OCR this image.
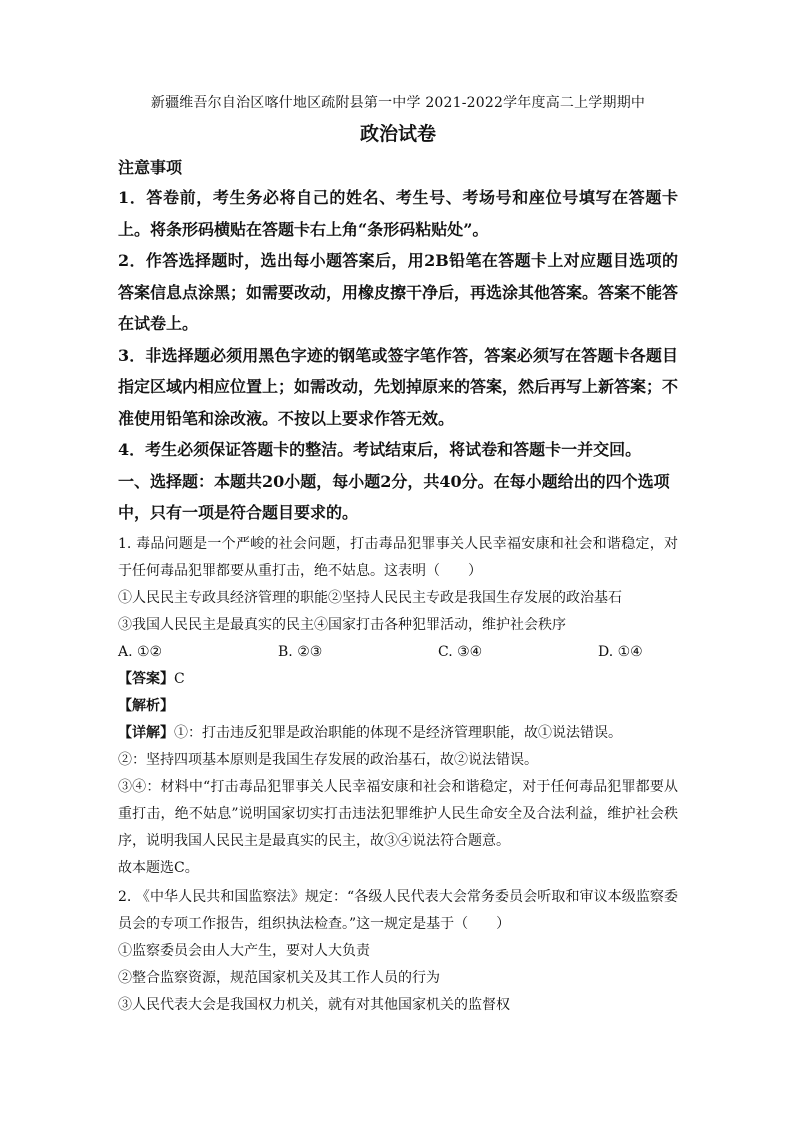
新疆维吾尔自治区喀什地区疏附县第一中学 2021-2022学年度高二上学期期中
政治试卷

注意事项

1．答卷前，考生务必将自己的姓名、考生号、考场号和座位号填写在答题卡上。将条形码横贴在答题卡右上角“条形码粘贴处”。

2．作答选择题时，选出每小题答案后，用2B铅笔在答题卡上对应题目选项的答案信息点涂黑；如需要改动，用橡皮擦干净后，再选涂其他答案。答案不能答在试卷上。

3．非选择题必须用黑色字迹的钢笔或签字笔作答，答案必须写在答题卡各题目指定区域内相应位置上；如需改动，先划掉原来的答案，然后再写上新答案；不准使用铅笔和涂改液。不按以上要求作答无效。

4．考生必须保证答题卡的整洁。考试结束后，将试卷和答题卡一并交回。

一、选择题：本题共20小题，每小题2分，共40分。在每小题给出的四个选项中，只有一项是符合题目要求的。

1. 毒品问题是一个严峻的社会问题，打击毒品犯罪事关人民幸福安康和社会和谐稳定，对于任何毒品犯罪都要从重打击，绝不姑息。这表明（　　）

①人民民主专政具经济管理的职能②坚持人民民主专政是我国生存发展的政治基石

③我国人民民主是最真实的民主④国家打击各种犯罪活动，维护社会秩序

A. ①②	B. ②③	C. ③④	D. ①④

【答案】C

【解析】

【详解】①：打击违反犯罪是政治职能的体现不是经济管理职能，故①说法错误。

②：坚持四项基本原则是我国生存发展的政治基石，故②说法错误。

③④：材料中“打击毒品犯罪事关人民幸福安康和社会和谐稳定，对于任何毒品犯罪都要从重打击，绝不姑息”说明国家切实打击违法犯罪维护人民生命安全及合法利益，维护社会秩序，说明我国人民民主是最真实的民主，故③④说法符合题意。

故本题选C。

2. 《中华人民共和国监察法》规定：“各级人民代表大会常务委员会听取和审议本级监察委员会的专项工作报告，组织执法检查。”这一规定是基于（　　）

①监察委员会由人大产生，要对人大负责

②整合监察资源，规范国家机关及其工作人员的行为

③人民代表大会是我国权力机关，就有对其他国家机关的监督权
